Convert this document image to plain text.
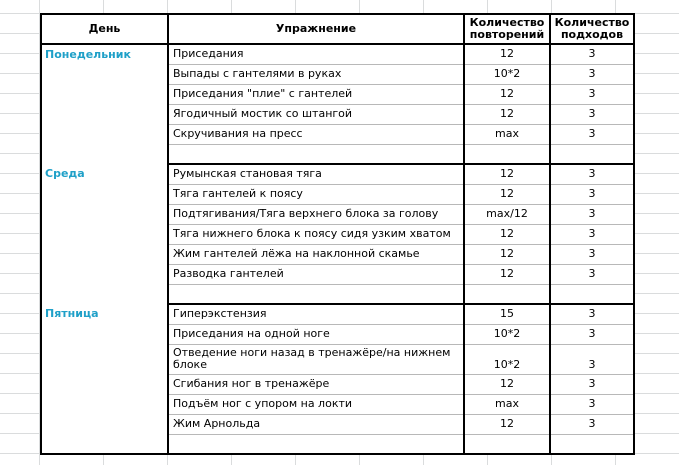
День	Упражнение	Количество повторений	Количество подходов
Понедельник	Приседания	12	3
	Выпады с гантелями в руках	10*2	3
	Приседания "плие" с гантелей	12	3
	Ягодичный мостик со штангой	12	3
	Скручивания на пресс	max	3

Среда	Румынская становая тяга	12	3
	Тяга гантелей к поясу	12	3
	Подтягивания/Тяга верхнего блока за голову	max/12	3
	Тяга нижнего блока к поясу сидя узким хватом	12	3
	Жим гантелей лёжа на наклонной скамье	12	3
	Разводка гантелей	12	3

Пятница	Гиперэкстензия	15	3
	Приседания на одной ноге	10*2	3
	Отведение ноги назад в тренажёре/на нижнем блоке	10*2	3
	Сгибания ног в тренажёре	12	3
	Подъём ног с упором на локти	max	3
	Жим Арнольда	12	3
